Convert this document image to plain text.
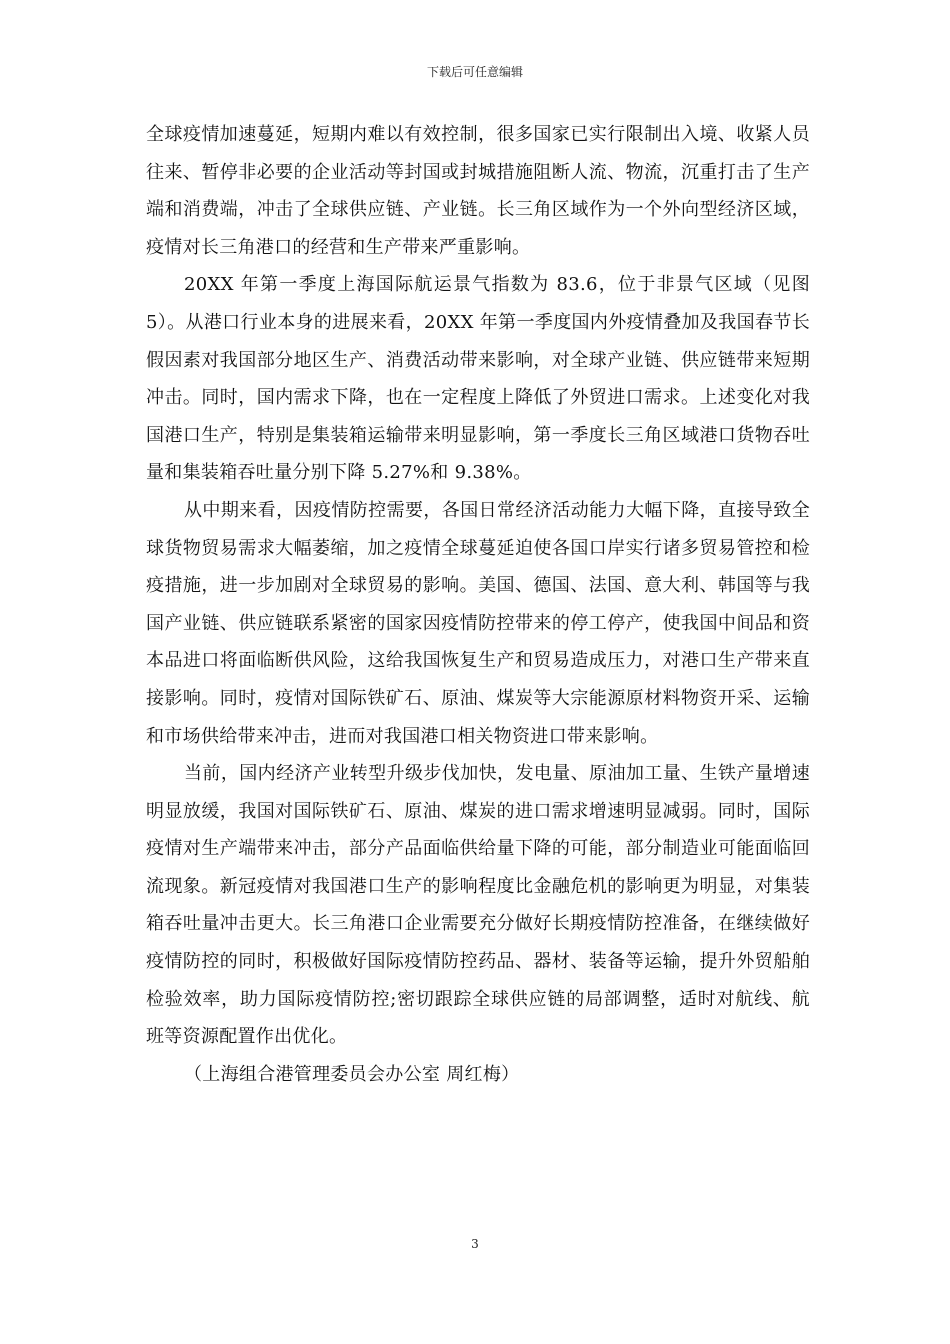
下载后可任意编辑

全球疫情加速蔓延，短期内难以有效控制，很多国家已实行限制出入境、收紧人员往来、暂停非必要的企业活动等封国或封城措施阻断人流、物流，沉重打击了生产端和消费端，冲击了全球供应链、产业链。长三角区域作为一个外向型经济区域，疫情对长三角港口的经营和生产带来严重影响。

20XX 年第一季度上海国际航运景气指数为 83.6，位于非景气区域（见图 5）。从港口行业本身的进展来看，20XX 年第一季度国内外疫情叠加及我国春节长假因素对我国部分地区生产、消费活动带来影响，对全球产业链、供应链带来短期冲击。同时，国内需求下降，也在一定程度上降低了外贸进口需求。上述变化对我国港口生产，特别是集装箱运输带来明显影响，第一季度长三角区域港口货物吞吐量和集装箱吞吐量分别下降 5.27%和 9.38%。

从中期来看，因疫情防控需要，各国日常经济活动能力大幅下降，直接导致全球货物贸易需求大幅萎缩，加之疫情全球蔓延迫使各国口岸实行诸多贸易管控和检疫措施，进一步加剧对全球贸易的影响。美国、德国、法国、意大利、韩国等与我国产业链、供应链联系紧密的国家因疫情防控带来的停工停产，使我国中间品和资本品进口将面临断供风险，这给我国恢复生产和贸易造成压力，对港口生产带来直接影响。同时，疫情对国际铁矿石、原油、煤炭等大宗能源原材料物资开采、运输和市场供给带来冲击，进而对我国港口相关物资进口带来影响。

当前，国内经济产业转型升级步伐加快，发电量、原油加工量、生铁产量增速明显放缓，我国对国际铁矿石、原油、煤炭的进口需求增速明显减弱。同时，国际疫情对生产端带来冲击，部分产品面临供给量下降的可能，部分制造业可能面临回流现象。新冠疫情对我国港口生产的影响程度比金融危机的影响更为明显，对集装箱吞吐量冲击更大。长三角港口企业需要充分做好长期疫情防控准备，在继续做好疫情防控的同时，积极做好国际疫情防控药品、器材、装备等运输，提升外贸船舶检验效率，助力国际疫情防控;密切跟踪全球供应链的局部调整，适时对航线、航班等资源配置作出优化。

（上海组合港管理委员会办公室 周红梅）

3
